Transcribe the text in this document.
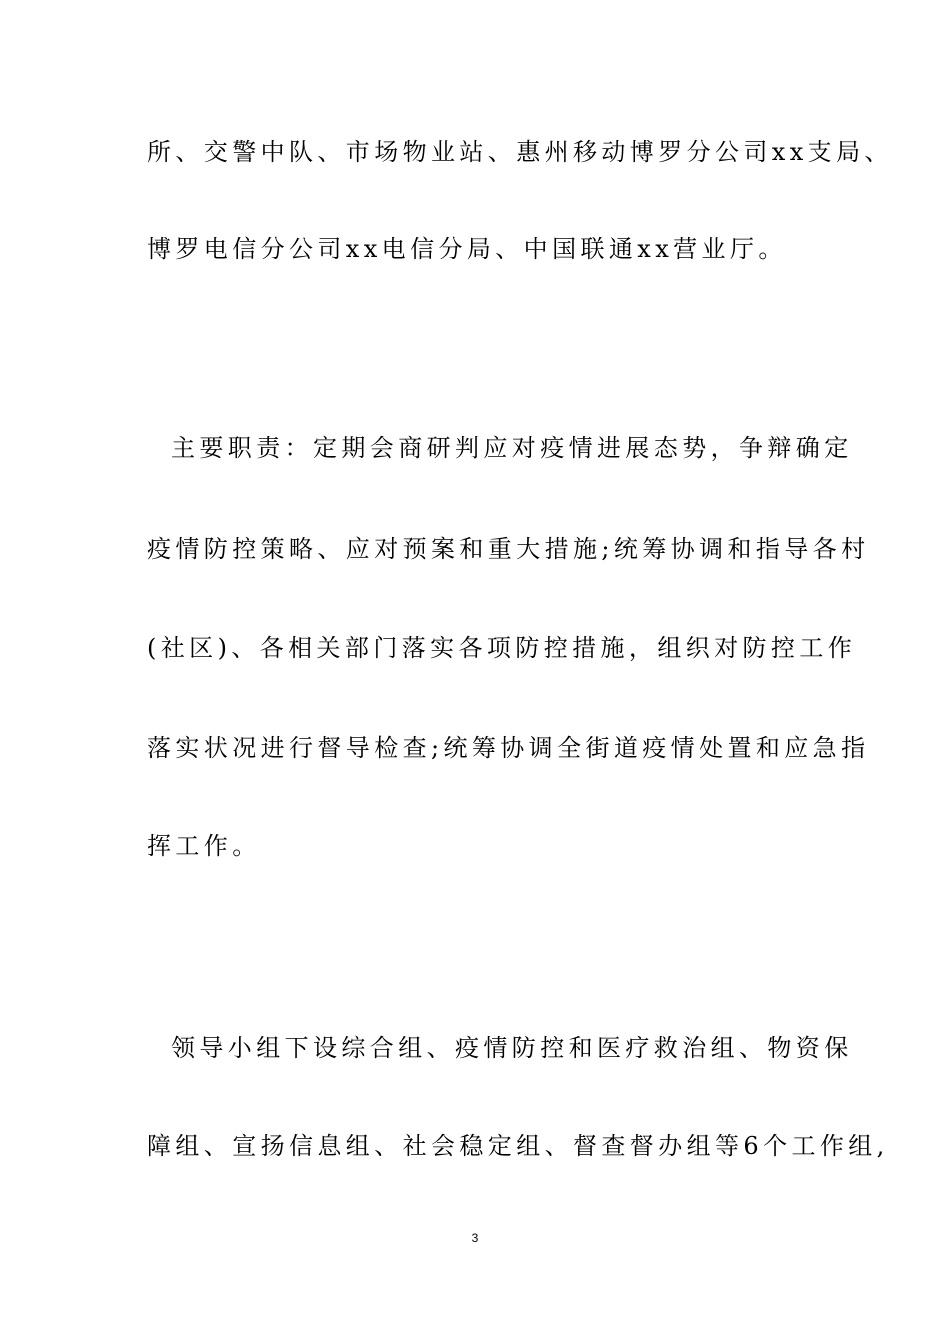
所、交警中队、市场物业站、惠州移动博罗分公司xx支局、
博罗电信分公司xx电信分局、中国联通xx营业厅。
主要职责：定期会商研判应对疫情进展态势，争辩确定
疫情防控策略、应对预案和重大措施;统筹协调和指导各村
(社区)、各相关部门落实各项防控措施，组织对防控工作
落实状况进行督导检查;统筹协调全街道疫情处置和应急指
挥工作。
领导小组下设综合组、疫情防控和医疗救治组、物资保
障组、宣扬信息组、社会稳定组、督查督办组等6个工作组,
3
